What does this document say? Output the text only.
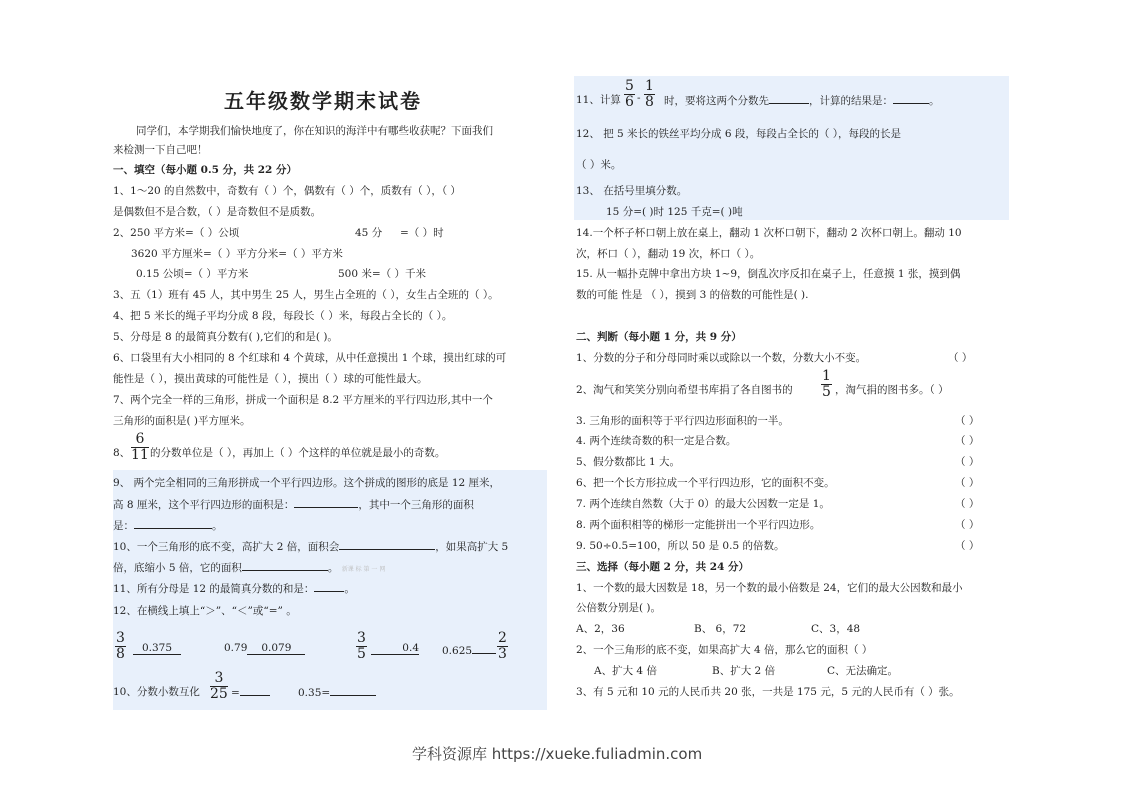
五年级数学期末试卷
同学们，本学期我们愉快地度了，你在知识的海洋中有哪些收获呢？下面我们
来检测一下自己吧！
一、填空（每小题 0.5 分，共 22 分）
1、1～20 的自然数中，奇数有（ ）个，偶数有（ ）个，质数有（ ），（ ）
是偶数但不是合数，（ ）是奇数但不是质数。
2、250 平方米=（ ）公顷	45 分 =（ ）时
3620 平方厘米=（ ）平方分米=（ ）平方米
0.15 公顷=（ ）平方米	500 米=（ ）千米
3、五（1）班有 45 人，其中男生 25 人，男生占全班的（ ），女生占全班的（ ）。
4、把 5 米长的绳子平均分成 8 段，每段长（ ）米，每段占全长的（ ）。
5、分母是 8 的最简真分数有( ),它们的和是( )。
6、口袋里有大小相同的 8 个红球和 4 个黄球，从中任意摸出 1 个球，摸出红球的可
能性是（ ），摸出黄球的可能性是（ ），摸出（ ）球的可能性最大。
7、两个完全一样的三角形，拼成一个面积是 8.2 平方厘米的平行四边形,其中一个
三角形的面积是( )平方厘米。
8、 $\frac{6}{11}$ 的分数单位是（ ），再加上（ ）个这样的单位就是最小的奇数。
9、 两个完全相同的三角形拼成一个平行四边形。这个拼成的图形的底是 12 厘米，
高 8 厘米，这个平行四边形的面积是：	，其中一个三角形的面积
是：	。
10、一个三角形的底不变，高扩大 2 倍，面积会	，如果高扩大 5
倍，底缩小 5 倍，它的面积	。 新课 标 第 一 网
11、所有分母是 12 的最简真分数的和是：	。
12、在横线上填上“＞”、“＜”或“=” 。
$\frac{3}{8}$	0.375	0.79 0.079	$\frac{3}{5}$	0.4 0.625	$\frac{2}{3}$
10、分数小数互化 $\frac{3}{25}$ =	0.35=
11、计算 $\frac{5}{6} - \frac{1}{8}$ 时，要将这两个分数先	，计算的结果是：	。
12、 把 5 米长的铁丝平均分成 6 段，每段占全长的（ ），每段的长是
（ ）米。
13、 在括号里填分数。
15 分=( )时 125 千克=( )吨
14.一个杯子杯口朝上放在桌上，翻动 1 次杯口朝下，翻动 2 次杯口朝上。翻动 10
次，杯口（ ），翻动 19 次，杯口（ ）。
15. 从一幅扑克牌中拿出方块 1~9，倒乱次序反扣在桌子上，任意摸 1 张，摸到偶
数的可能 性是 （ ），摸到 3 的倍数的可能性是( ).
二、判断（每小题 1 分，共 9 分）
1、分数的分子和分母同时乘以或除以一个数，分数大小不变。	（ ）
2、淘气和笑笑分别向希望书库捐了各自图书的 $\frac{1}{5}$ ，淘气捐的图书多。（ ）
3. 三角形的面积等于平行四边形面积的一半。	（ ）
4. 两个连续奇数的积一定是合数。	（ ）
5、假分数都比 1 大。	（ ）
6、把一个长方形拉成一个平行四边形，它的面积不变。	（ ）
7. 两个连续自然数（大于 0）的最大公因数一定是 1。	（ ）
8. 两个面积相等的梯形一定能拼出一个平行四边形。	（ ）
9. 50÷0.5=100，所以 50 是 0.5 的倍数。	（ ）
三、选择（每小题 2 分，共 24 分）
1、一个数的最大因数是 18，另一个数的最小倍数是 24，它们的最大公因数和最小
公倍数分别是( )。
A、2，36	B、 6，72	C、3，48
2、一个三角形的底不变，如果高扩大 4 倍，那么它的面积（ ）
A、扩大 4 倍	B、扩大 2 倍	C、无法确定。
3、有 5 元和 10 元的人民币共 20 张，一共是 175 元，5 元的人民币有（ ）张。
学科资源库 https://xueke.fuliadmin.com
